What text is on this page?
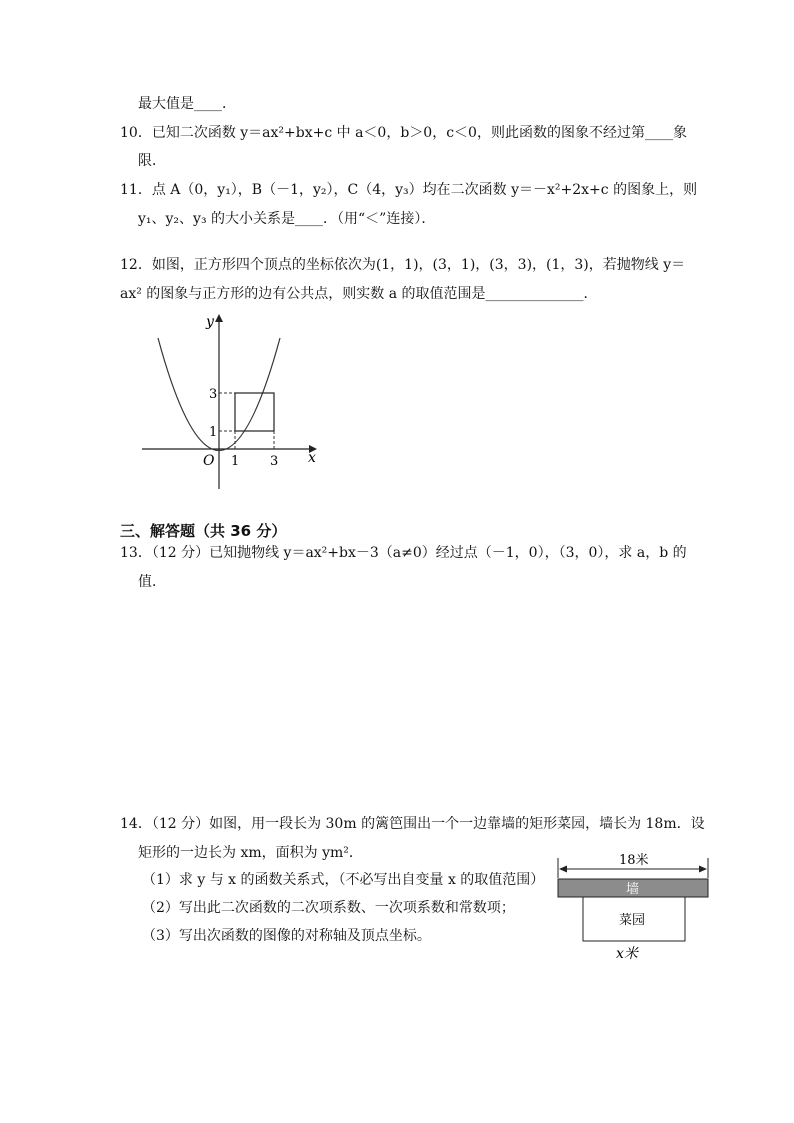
最大值是____．
10．已知二次函数 y＝ax²+bx+c 中 a＜0，b＞0，c＜0，则此函数的图象不经过第____象
限．
11．点 A（0，y₁），B（－1，y₂），C（4，y₃）均在二次函数 y＝－x²+2x+c 的图象上，则
y₁、y₂、y₃ 的大小关系是____．（用“＜”连接）．
12．如图，正方形四个顶点的坐标依次为(1，1)，(3，1)，(3，3)，(1，3)，若抛物线 y＝
ax² 的图象与正方形的边有公共点，则实数 a 的取值范围是______________．
y
x
O 1 3
1
3
三、解答题（共 36 分）
13．（12 分）已知抛物线 y＝ax²+bx－3（a≠0）经过点（－1，0），（3，0），求 a，b 的
值．
14．（12 分）如图，用一段长为 30m 的篱笆围出一个一边靠墙的矩形菜园，墙长为 18m．设
矩形的一边长为 xm，面积为 ym²．
（1）求 y 与 x 的函数关系式，（不必写出自变量 x 的取值范围）
（2）写出此二次函数的二次项系数、一次项系数和常数项；
（3）写出次函数的图像的对称轴及顶点坐标。
18米
墙
菜园
x米
